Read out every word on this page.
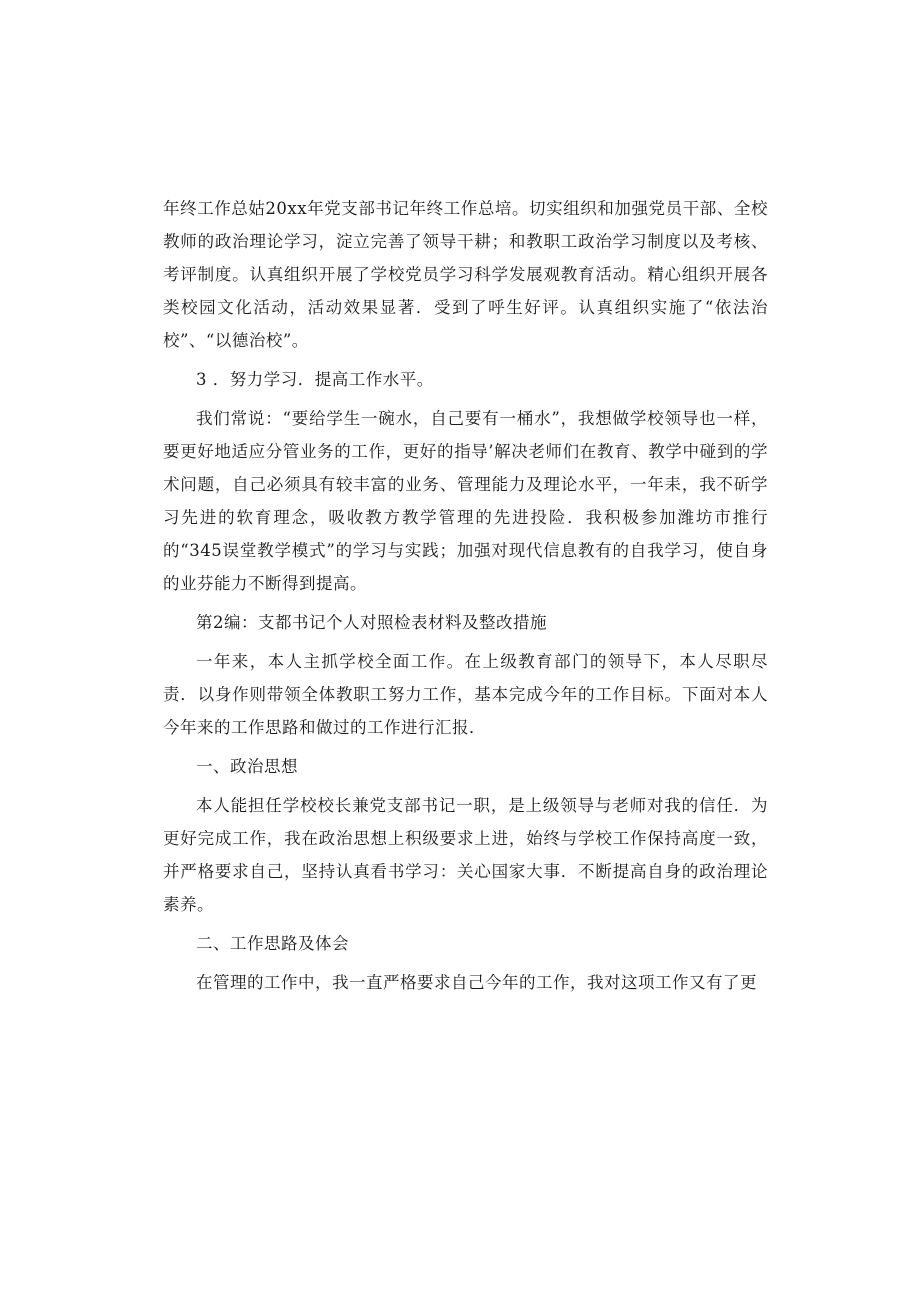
年终工作总姑20xx年党支部书记年终工作总培。切实组织和加强党员干部、全校教师的政治理论学习，淀立完善了领导干耕；和教职工政治学习制度以及考核、考评制度。认真组织开展了学校党员学习科学发展观教育活动。精心组织开展各类校园文化活动，活动效果显著．受到了呼生好评。认真组织实施了“依法治校”、“以德治校”。

3 ．努力学习．提高工作水平。

我们常说：“要给学生一碗水，自己要有一桶水”，我想做学校领导也一样，要更好地适应分管业务的工作，更好的指导’解决老师们在教育、教学中碰到的学术问题，自己必须具有较丰富的业务、管理能力及理论水平，一年耒，我不斫学习先进的软育理念，吸收教方教学管理的先进投险．我积极参加潍坊市推行的“345误堂教学模式”的学习与实践；加强对现代信息教有的自我学习，使自身的业芬能力不断得到提高。

第2编：支都书记个人对照检表材料及整改措施

一年来，本人主抓学校全面工作。在上级教育部门的领导下，本人尽职尽责．以身作则带领全体教职工努力工作，基本完成今年的工作目标。下面对本人今年来的工作思路和做过的工作进行汇报．

一、政治思想

本人能担任学校校长兼党支部书记一职，是上级领导与老师对我的信任．为更好完成工作，我在政治思想上积级要求上进，始终与学校工作保持高度一致，并严格要求自己，坚持认真看书学习：关心国家大事．不断提高自身的政治理论素养。

二、工作思路及体会

在管理的工作中，我一直严格要求自己今年的工作，我对这项工作又有了更
